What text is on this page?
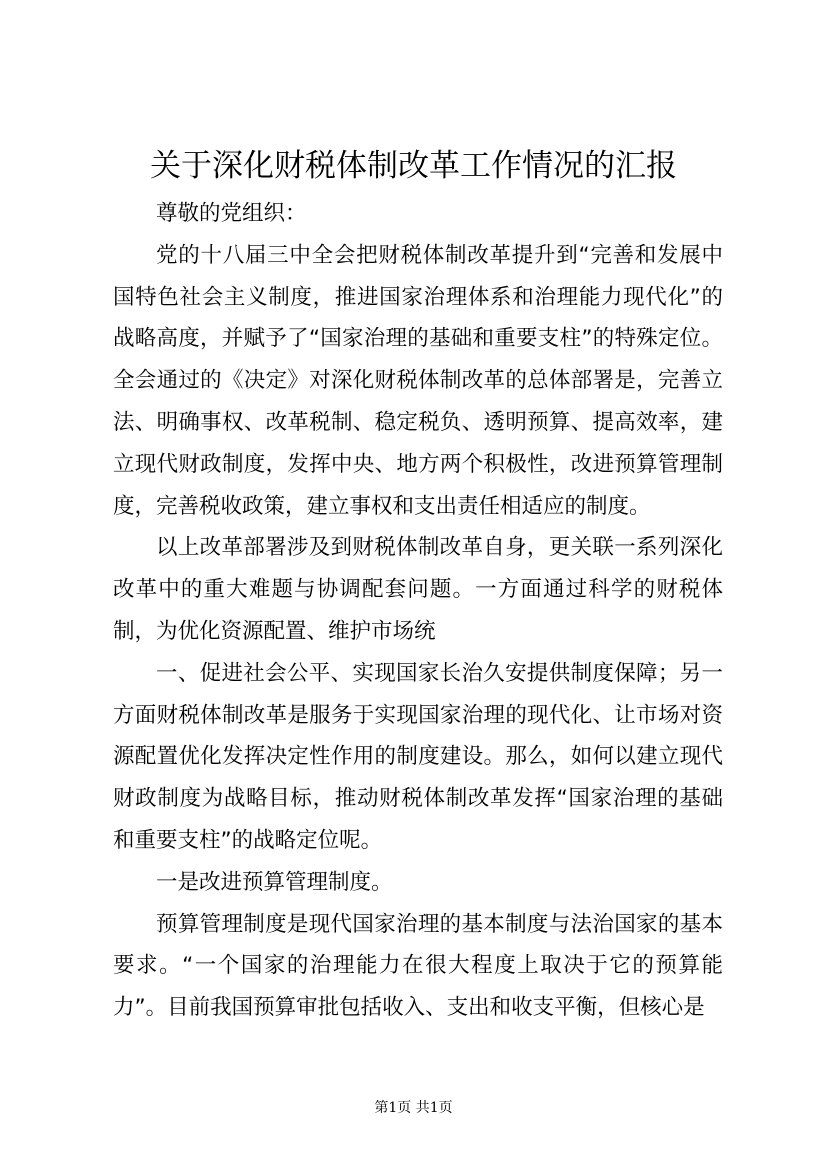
关于深化财税体制改革工作情况的汇报

尊敬的党组织：

党的十八届三中全会把财税体制改革提升到“完善和发展中国特色社会主义制度，推进国家治理体系和治理能力现代化”的战略高度，并赋予了“国家治理的基础和重要支柱”的特殊定位。全会通过的《决定》对深化财税体制改革的总体部署是，完善立法、明确事权、改革税制、稳定税负、透明预算、提高效率，建立现代财政制度，发挥中央、地方两个积极性，改进预算管理制度，完善税收政策，建立事权和支出责任相适应的制度。

以上改革部署涉及到财税体制改革自身，更关联一系列深化改革中的重大难题与协调配套问题。一方面通过科学的财税体制，为优化资源配置、维护市场统

一、促进社会公平、实现国家长治久安提供制度保障；另一方面财税体制改革是服务于实现国家治理的现代化、让市场对资源配置优化发挥决定性作用的制度建设。那么，如何以建立现代财政制度为战略目标，推动财税体制改革发挥“国家治理的基础和重要支柱”的战略定位呢。

一是改进预算管理制度。

预算管理制度是现代国家治理的基本制度与法治国家的基本要求。“一个国家的治理能力在很大程度上取决于它的预算能力”。目前我国预算审批包括收入、支出和收支平衡，但核心是

第1页 共1页
